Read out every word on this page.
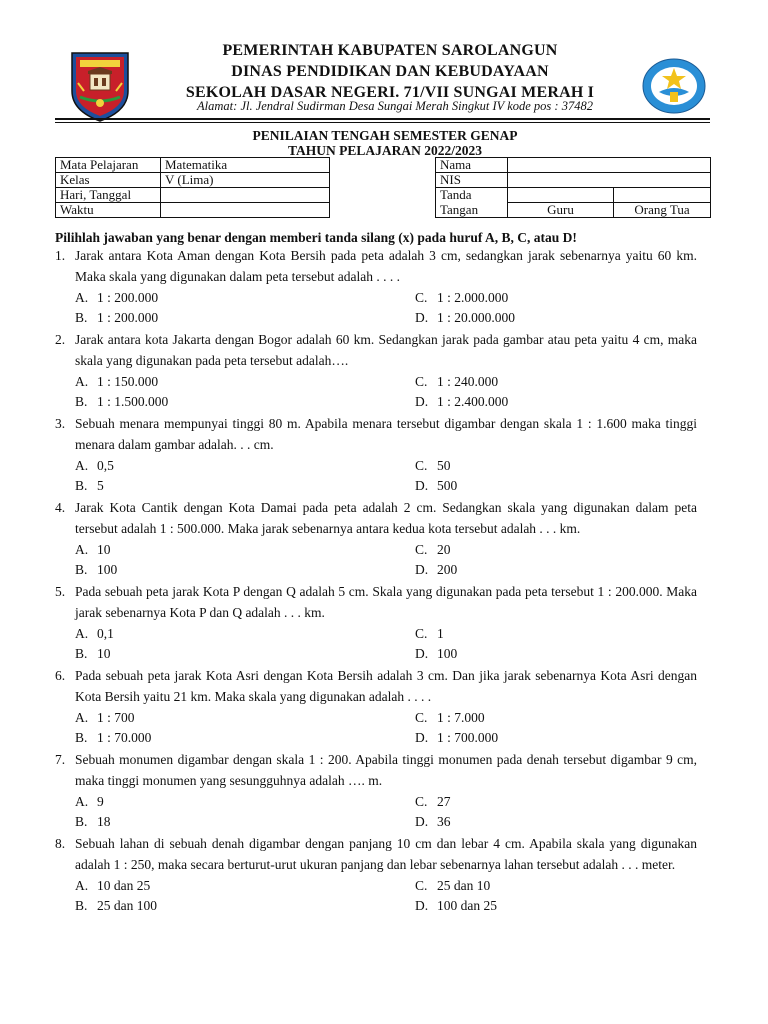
PEMERINTAH KABUPATEN SAROLANGUN
DINAS PENDIDIKAN DAN KEBUDAYAAN
SEKOLAH DASAR NEGERI. 71/VII SUNGAI MERAH I
Alamat: Jl. Jendral Sudirman Desa Sungai Merah Singkut IV kode pos : 37482
PENILAIAN TENGAH SEMESTER GENAP
TAHUN PELAJARAN 2022/2023
Mata Pelajaran	Matematika
Kelas	V (Lima)
Hari, Tanggal	
Waktu	
Nama		
NIS		
Tanda		
Tangan	Guru	Orang Tua
Pilihlah jawaban yang benar dengan memberi tanda silang (x) pada huruf A, B, C, atau D!
1. Jarak antara Kota Aman dengan Kota Bersih pada peta adalah 3 cm, sedangkan jarak sebenarnya yaitu 60 km. Maka skala yang digunakan dalam peta tersebut adalah . . . .
A. 1 : 200.000
B. 1 : 200.000
C. 1 : 2.000.000
D. 1 : 20.000.000
2. Jarak antara kota Jakarta dengan Bogor adalah 60 km. Sedangkan jarak pada gambar atau peta yaitu 4 cm, maka skala yang digunakan pada peta tersebut adalah….
A. 1 : 150.000
B. 1 : 1.500.000
C. 1 : 240.000
D. 1 : 2.400.000
3. Sebuah menara mempunyai tinggi 80 m. Apabila menara tersebut digambar dengan skala 1 : 1.600 maka tinggi menara dalam gambar adalah. . . cm.
A. 0,5
B. 5
C. 50
D. 500
4. Jarak Kota Cantik dengan Kota Damai pada peta adalah 2 cm. Sedangkan skala yang digunakan dalam peta tersebut adalah 1 : 500.000. Maka jarak sebenarnya antara kedua kota tersebut adalah . . . km.
A. 10
B. 100
C. 20
D. 200
5. Pada sebuah peta jarak Kota P dengan Q adalah 5 cm. Skala yang digunakan pada peta tersebut 1 : 200.000. Maka jarak sebenarnya Kota P dan Q adalah . . . km.
A. 0,1
B. 10
C. 1
D. 100
6. Pada sebuah peta jarak Kota Asri dengan Kota Bersih adalah 3 cm. Dan jika jarak sebenarnya Kota Asri dengan Kota Bersih yaitu 21 km. Maka skala yang digunakan adalah . . . .
A. 1 : 700
B. 1 : 70.000
C. 1 : 7.000
D. 1 : 700.000
7. Sebuah monumen digambar dengan skala 1 : 200. Apabila tinggi monumen pada denah tersebut digambar 9 cm, maka tinggi monumen yang sesungguhnya adalah …. m.
A. 9
B. 18
C. 27
D. 36
8. Sebuah lahan di sebuah denah digambar dengan panjang 10 cm dan lebar 4 cm. Apabila skala yang digunakan adalah 1 : 250, maka secara berturut-urut ukuran panjang dan lebar sebenarnya lahan tersebut adalah . . . meter.
A. 10 dan 25
B. 25 dan 100
C. 25 dan 10
D. 100 dan 25
